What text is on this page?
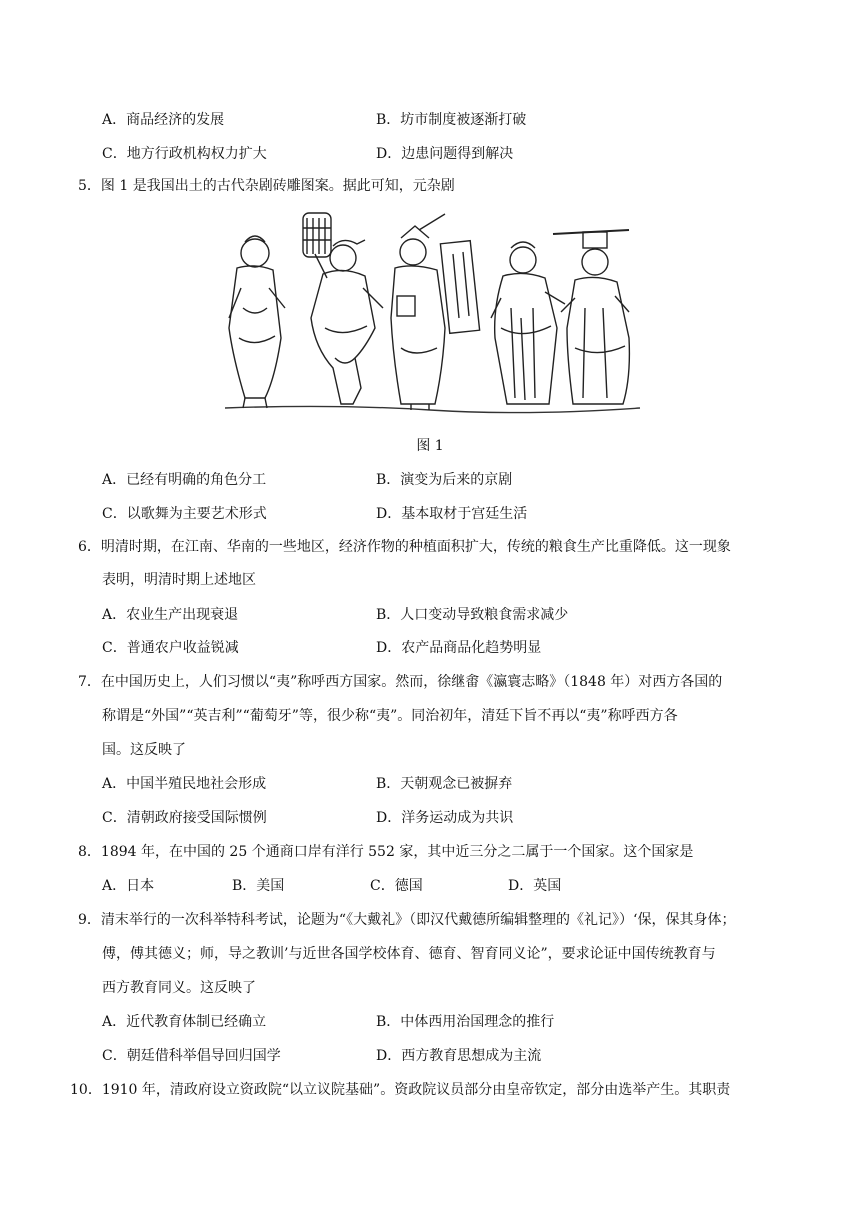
A．商品经济的发展	B．坊市制度被逐渐打破
C．地方行政机构权力扩大	D．边患问题得到解决
5．图 1 是我国出土的古代杂剧砖雕图案。据此可知，元杂剧
图 1
A．已经有明确的角色分工	B．演变为后来的京剧
C．以歌舞为主要艺术形式	D．基本取材于宫廷生活
6．明清时期，在江南、华南的一些地区，经济作物的种植面积扩大，传统的粮食生产比重降低。这一现象
表明，明清时期上述地区
A．农业生产出现衰退	B．人口变动导致粮食需求减少
C．普通农户收益锐减	D．农产品商品化趋势明显
7．在中国历史上，人们习惯以“夷”称呼西方国家。然而，徐继畬《瀛寰志略》（1848 年）对西方各国的
称谓是“外国”“英吉利”“葡萄牙”等，很少称“夷”。同治初年，清廷下旨不再以“夷”称呼西方各
国。这反映了
A．中国半殖民地社会形成	B．天朝观念已被摒弃
C．清朝政府接受国际惯例	D．洋务运动成为共识
8．1894 年，在中国的 25 个通商口岸有洋行 552 家，其中近三分之二属于一个国家。这个国家是
A．日本	B．美国	C．德国	D．英国
9．清末举行的一次科举特科考试，论题为“《大戴礼》（即汉代戴德所编辑整理的《礼记》）‘保，保其身体；
傅，傅其德义；师，导之教训’与近世各国学校体育、德育、智育同义论”，要求论证中国传统教育与
西方教育同义。这反映了
A．近代教育体制已经确立	B．中体西用治国理念的推行
C．朝廷借科举倡导回归国学	D．西方教育思想成为主流
10．1910 年，清政府设立资政院“以立议院基础”。资政院议员部分由皇帝钦定，部分由选举产生。其职责
